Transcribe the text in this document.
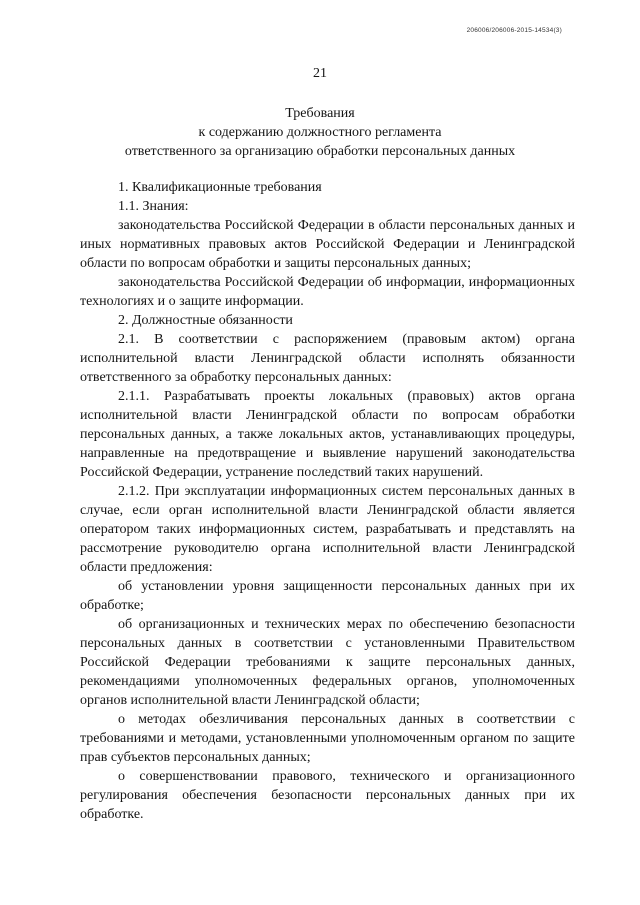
206006/206006-2015-14534(3)
21
Требования
к содержанию должностного регламента
ответственного за организацию обработки персональных данных

1. Квалификационные требования

1.1. Знания:

законодательства Российской Федерации в области персональных данных и иных нормативных правовых актов Российской Федерации и Ленинградской области по вопросам обработки и защиты персональных данных;

законодательства Российской Федерации об информации, информационных технологиях и о защите информации.

2. Должностные обязанности

2.1. В соответствии с распоряжением (правовым актом) органа исполнительной власти Ленинградской области исполнять обязанности ответственного за обработку персональных данных:

2.1.1. Разрабатывать проекты локальных (правовых) актов органа исполнительной власти Ленинградской области по вопросам обработки персональных данных, а также локальных актов, устанавливающих процедуры, направленные на предотвращение и выявление нарушений законодательства Российской Федерации, устранение последствий таких нарушений.

2.1.2. При эксплуатации информационных систем персональных данных в случае, если орган исполнительной власти Ленинградской области является оператором таких информационных систем, разрабатывать и представлять на рассмотрение руководителю органа исполнительной власти Ленинградской области предложения:

об установлении уровня защищенности персональных данных при их обработке;

об организационных и технических мерах по обеспечению безопасности персональных данных в соответствии с установленными Правительством Российской Федерации требованиями к защите персональных данных, рекомендациями уполномоченных федеральных органов, уполномоченных органов исполнительной власти Ленинградской области;

о методах обезличивания персональных данных в соответствии с требованиями и методами, установленными уполномоченным органом по защите прав субъектов персональных данных;

о совершенствовании правового, технического и организационного регулирования обеспечения безопасности персональных данных при их обработке.
